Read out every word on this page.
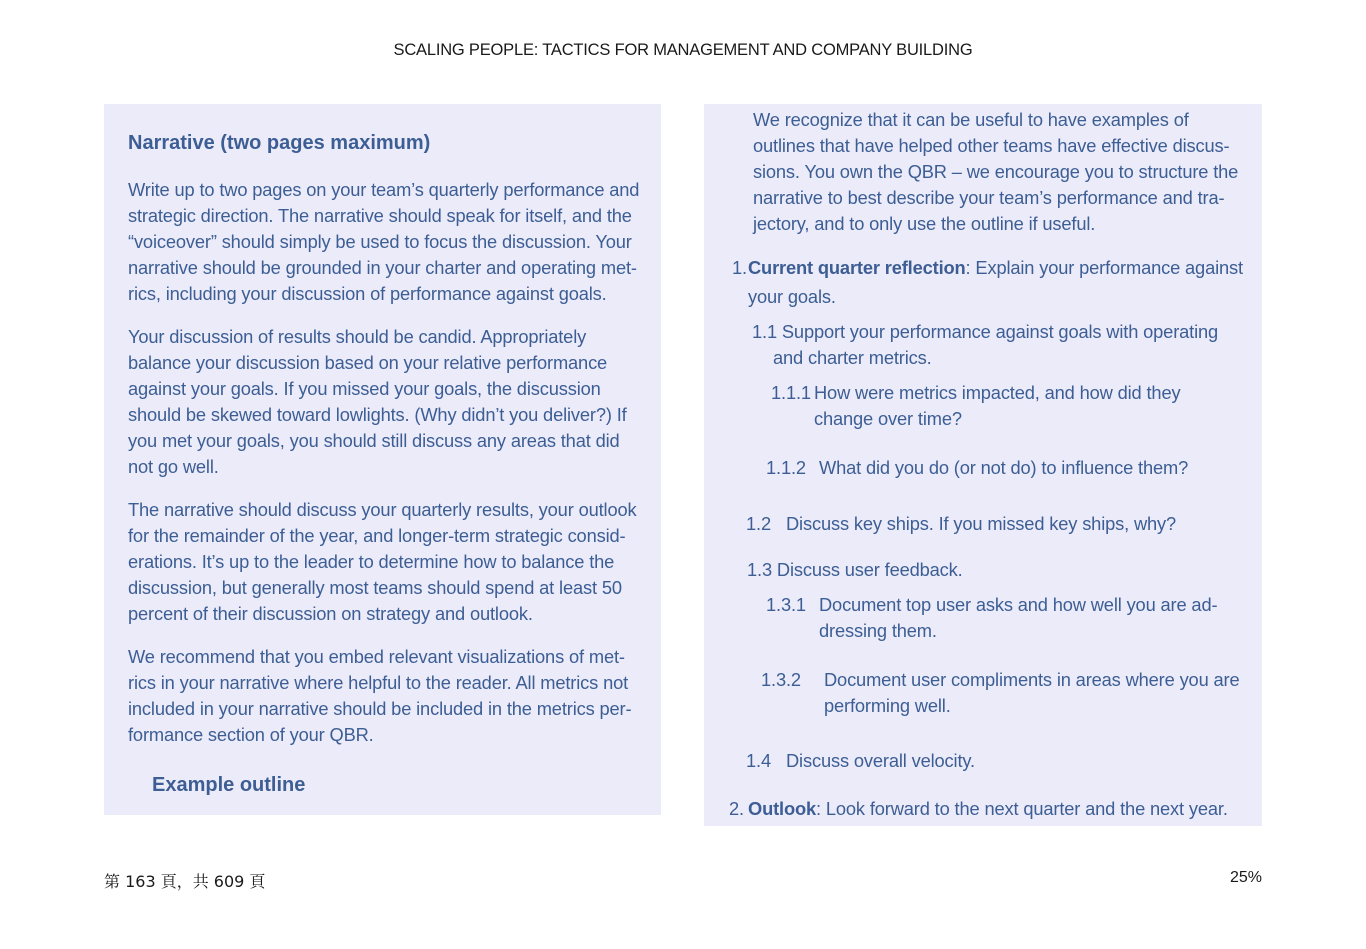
SCALING PEOPLE: TACTICS FOR MANAGEMENT AND COMPANY BUILDING
Narrative (two pages maximum)

Write up to two pages on your team’s quarterly performance and strategic direction. The narrative should speak for itself, and the “voiceover” should simply be used to focus the discussion. Your narrative should be grounded in your charter and operating met-rics, including your discussion of performance against goals.

Your discussion of results should be candid. Appropriately balance your discussion based on your relative performance against your goals. If you missed your goals, the discussion should be skewed toward lowlights. (Why didn’t you deliver?) If you met your goals, you should still discuss any areas that did not go well.

The narrative should discuss your quarterly results, your outlook for the remainder of the year, and longer-term strategic consid-erations. It’s up to the leader to determine how to balance the discussion, but generally most teams should spend at least 50 percent of their discussion on strategy and outlook.

We recommend that you embed relevant visualizations of met-rics in your narrative where helpful to the reader. All metrics not included in your narrative should be included in the metrics per-formance section of your QBR.

Example outline

We recognize that it can be useful to have examples of outlines that have helped other teams have effective discus-sions. You own the QBR – we encourage you to structure the narrative to best describe your team’s performance and tra-jectory, and to only use the outline if useful.

1. Current quarter reflection: Explain your performance against
your goals.
1.1 Support your performance against goals with operating
and charter metrics.
1.1.1 How were metrics impacted, and how did they
change over time?
1.1.2 What did you do (or not do) to influence them?
1.2 Discuss key ships. If you missed key ships, why?
1.3 Discuss user feedback.
1.3.1 Document top user asks and how well you are ad-
dressing them.
1.3.2 Document user compliments in areas where you are
performing well.
1.4 Discuss overall velocity.
2. Outlook: Look forward to the next quarter and the next year.
第 163 頁，共 609 頁	25%
